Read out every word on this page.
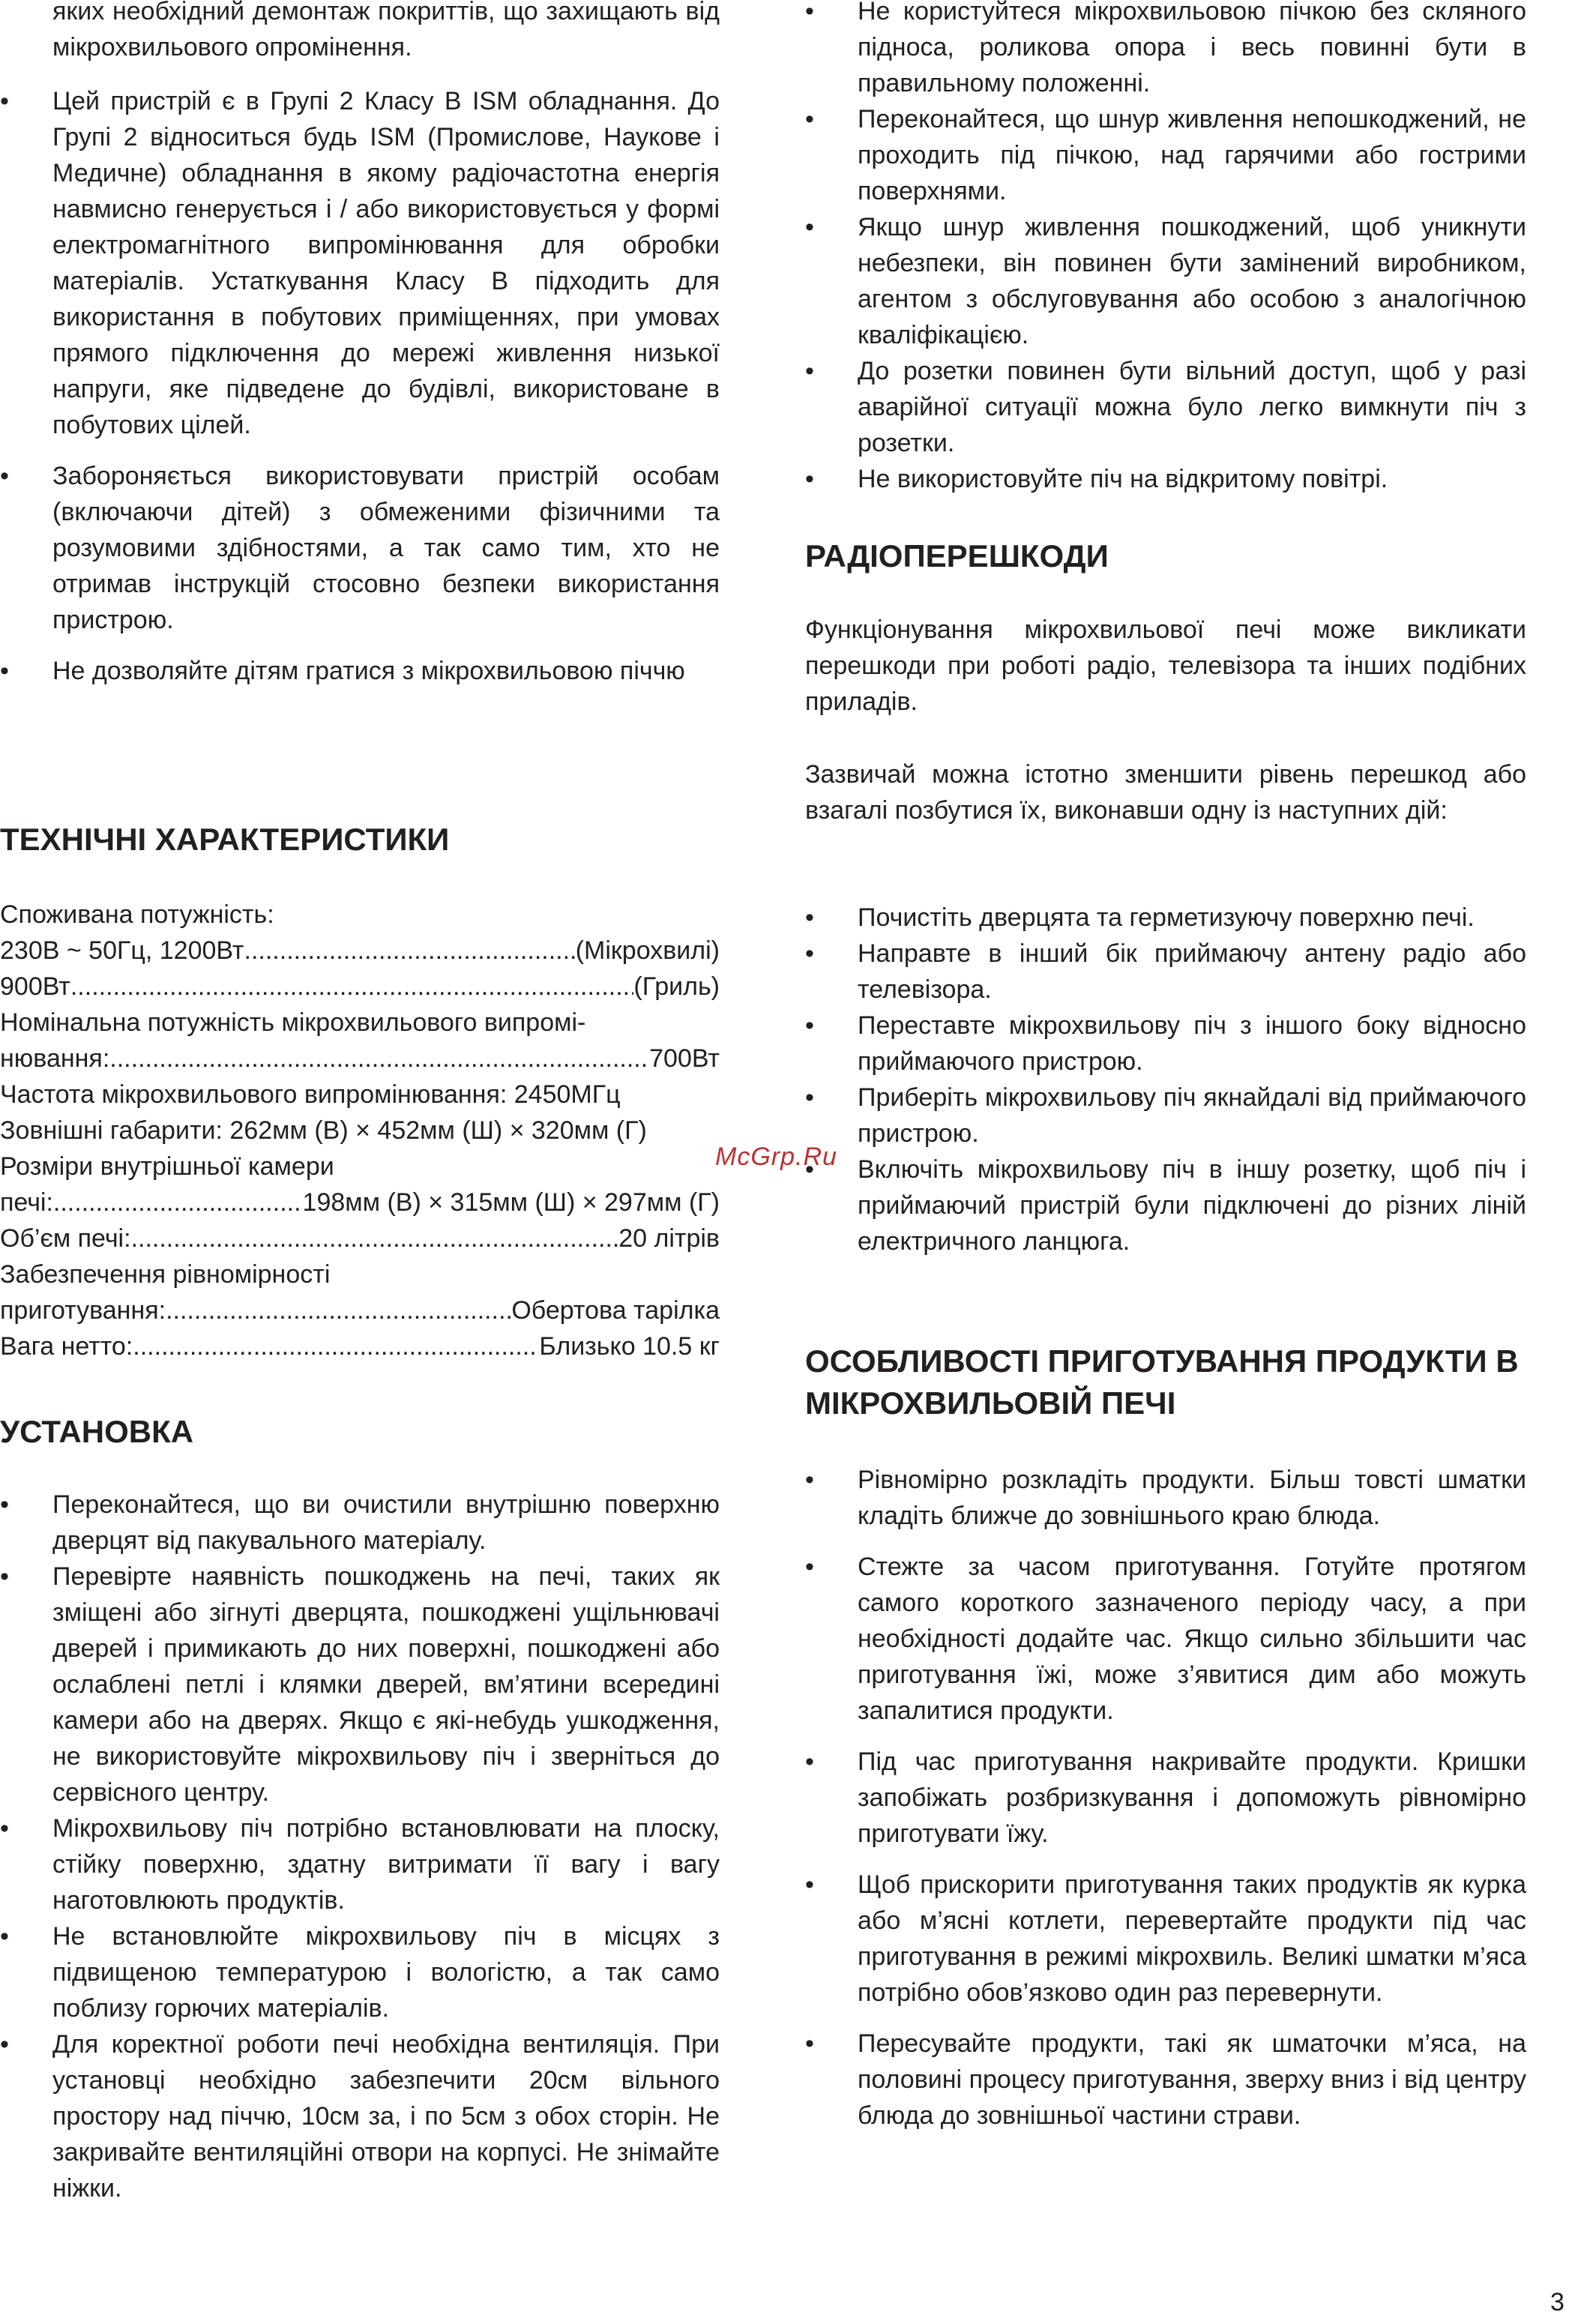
яких необхідний демонтаж покриттів, що захищають від мікрохвильового опромінення.
• Цей пристрій є в Групі 2 Класу B ISM обладнання. До Групі 2 відноситься будь ISM (Промислове, Наукове і Медичне) обладнання в якому радіочастотна енергія навмисно генерується і / або використовується у формі електромагнітного випромінювання для обробки матеріалів. Устаткування Класу B підходить для використання в побутових приміщеннях, при умовах прямого підключення до мережі живлення низької напруги, яке підведене до будівлі, використоване в побутових цілей.
• Забороняється використовувати пристрій особам (включаючи дітей) з обмеженими фізичними та розумовими здібностями, а так само тим, хто не отримав інструкцій стосовно безпеки використання пристрою.
• Не дозволяйте дітям гратися з мікрохвильовою піччю
ТЕХНІЧНІ ХАРАКТЕРИСТИКИ
Споживана потужність:
230В ~ 50Гц, 1200Вт .....	(Мікрохвилі)
900Вт .....	(Гриль)
Номінальна потужність мікрохвильового випромі-
нювання: .....	700Вт
Частота мікрохвильового випромінювання: 2450МГц
Зовнішні габарити: 262мм (В) × 452мм (Ш) × 320мм (Г)
Розміри внутрішньої камери
печі: .....	198мм (В) × 315мм (Ш) × 297мм (Г)
Об’єм печі: .....	20 літрів
Забезпечення рівномірності
приготування: .....	Обертова тарілка
Вага нетто: .....	Близько 10.5 кг
УСТАНОВКА
• Переконайтеся, що ви очистили внутрішню поверхню дверцят від пакувального матеріалу.
• Перевірте наявність пошкоджень на печі, таких як зміщені або зігнуті дверцята, пошкоджені ущільнювачі дверей і примикають до них поверхні, пошкоджені або ослаблені петлі і клямки дверей, вм’ятини всередині камери або на дверях. Якщо є які-небудь ушкодження, не використовуйте мікрохвильову піч і зверніться до сервісного центру.
• Мікрохвильову піч потрібно встановлювати на плоску, стійку поверхню, здатну витримати її вагу і вагу наготовлюють продуктів.
• Не встановлюйте мікрохвильову піч в місцях з підвищеною температурою і вологістю, а так само поблизу горючих матеріалів.
• Для коректної роботи печі необхідна вентиляція. При установці необхідно забезпечити 20см вільного простору над піччю, 10см за, і по 5см з обох сторін. Не закривайте вентиляційні отвори на корпусі. Не знімайте ніжки.
• Не користуйтеся мікрохвильовою пічкою без скляного підноса, роликова опора і весь повинні бути в правильному положенні.
• Переконайтеся, що шнур живлення непошкоджений, не проходить під пічкою, над гарячими або гострими поверхнями.
• Якщо шнур живлення пошкоджений, щоб уникнути небезпеки, він повинен бути замінений виробником, агентом з обслуговування або особою з аналогічною кваліфікацією.
• До розетки повинен бути вільний доступ, щоб у разі аварійної ситуації можна було легко вимкнути піч з розетки.
• Не використовуйте піч на відкритому повітрі.
РАДІОПЕРЕШКОДИ

Функціонування мікрохвильової печі може викликати перешкоди при роботі радіо, телевізора та інших подібних приладів.

Зазвичай можна істотно зменшити рівень перешкод або взагалі позбутися їх, виконавши одну із наступних дій:

• Почистіть дверцята та герметизуючу поверхню печі.
• Направте в інший бік приймаючу антену радіо або телевізора.
• Переставте мікрохвильову піч з іншого боку відносно приймаючого пристрою.
• Приберіть мікрохвильову піч якнайдалі від приймаючого пристрою.
• Включіть мікрохвильову піч в іншу розетку, щоб піч і приймаючий пристрій були підключені до різних ліній електричного ланцюга.
ОСОБЛИВОСТІ ПРИГОТУВАННЯ ПРОДУКТИ В МІКРОХВИЛЬОВІЙ ПЕЧІ
• Рівномірно розкладіть продукти. Більш товсті шматки кладіть ближче до зовнішнього краю блюда.
• Стежте за часом приготування. Готуйте протягом самого короткого зазначеного періоду часу, а при необхідності додайте час. Якщо сильно збільшити час приготування їжі, може з’явитися дим або можуть запалитися продукти.
• Під час приготування накривайте продукти. Кришки запобіжать розбризкування і допоможуть рівномірно приготувати їжу.
• Щоб прискорити приготування таких продуктів як курка або м’ясні котлети, перевертайте продукти під час приготування в режимі мікрохвиль. Великі шматки м’яса потрібно обов’язково один раз перевернути.
• Пересувайте продукти, такі як шматочки м’яса, на половині процесу приготування, зверху вниз і від центру блюда до зовнішньої частини страви.
McGrp.Ru
3
